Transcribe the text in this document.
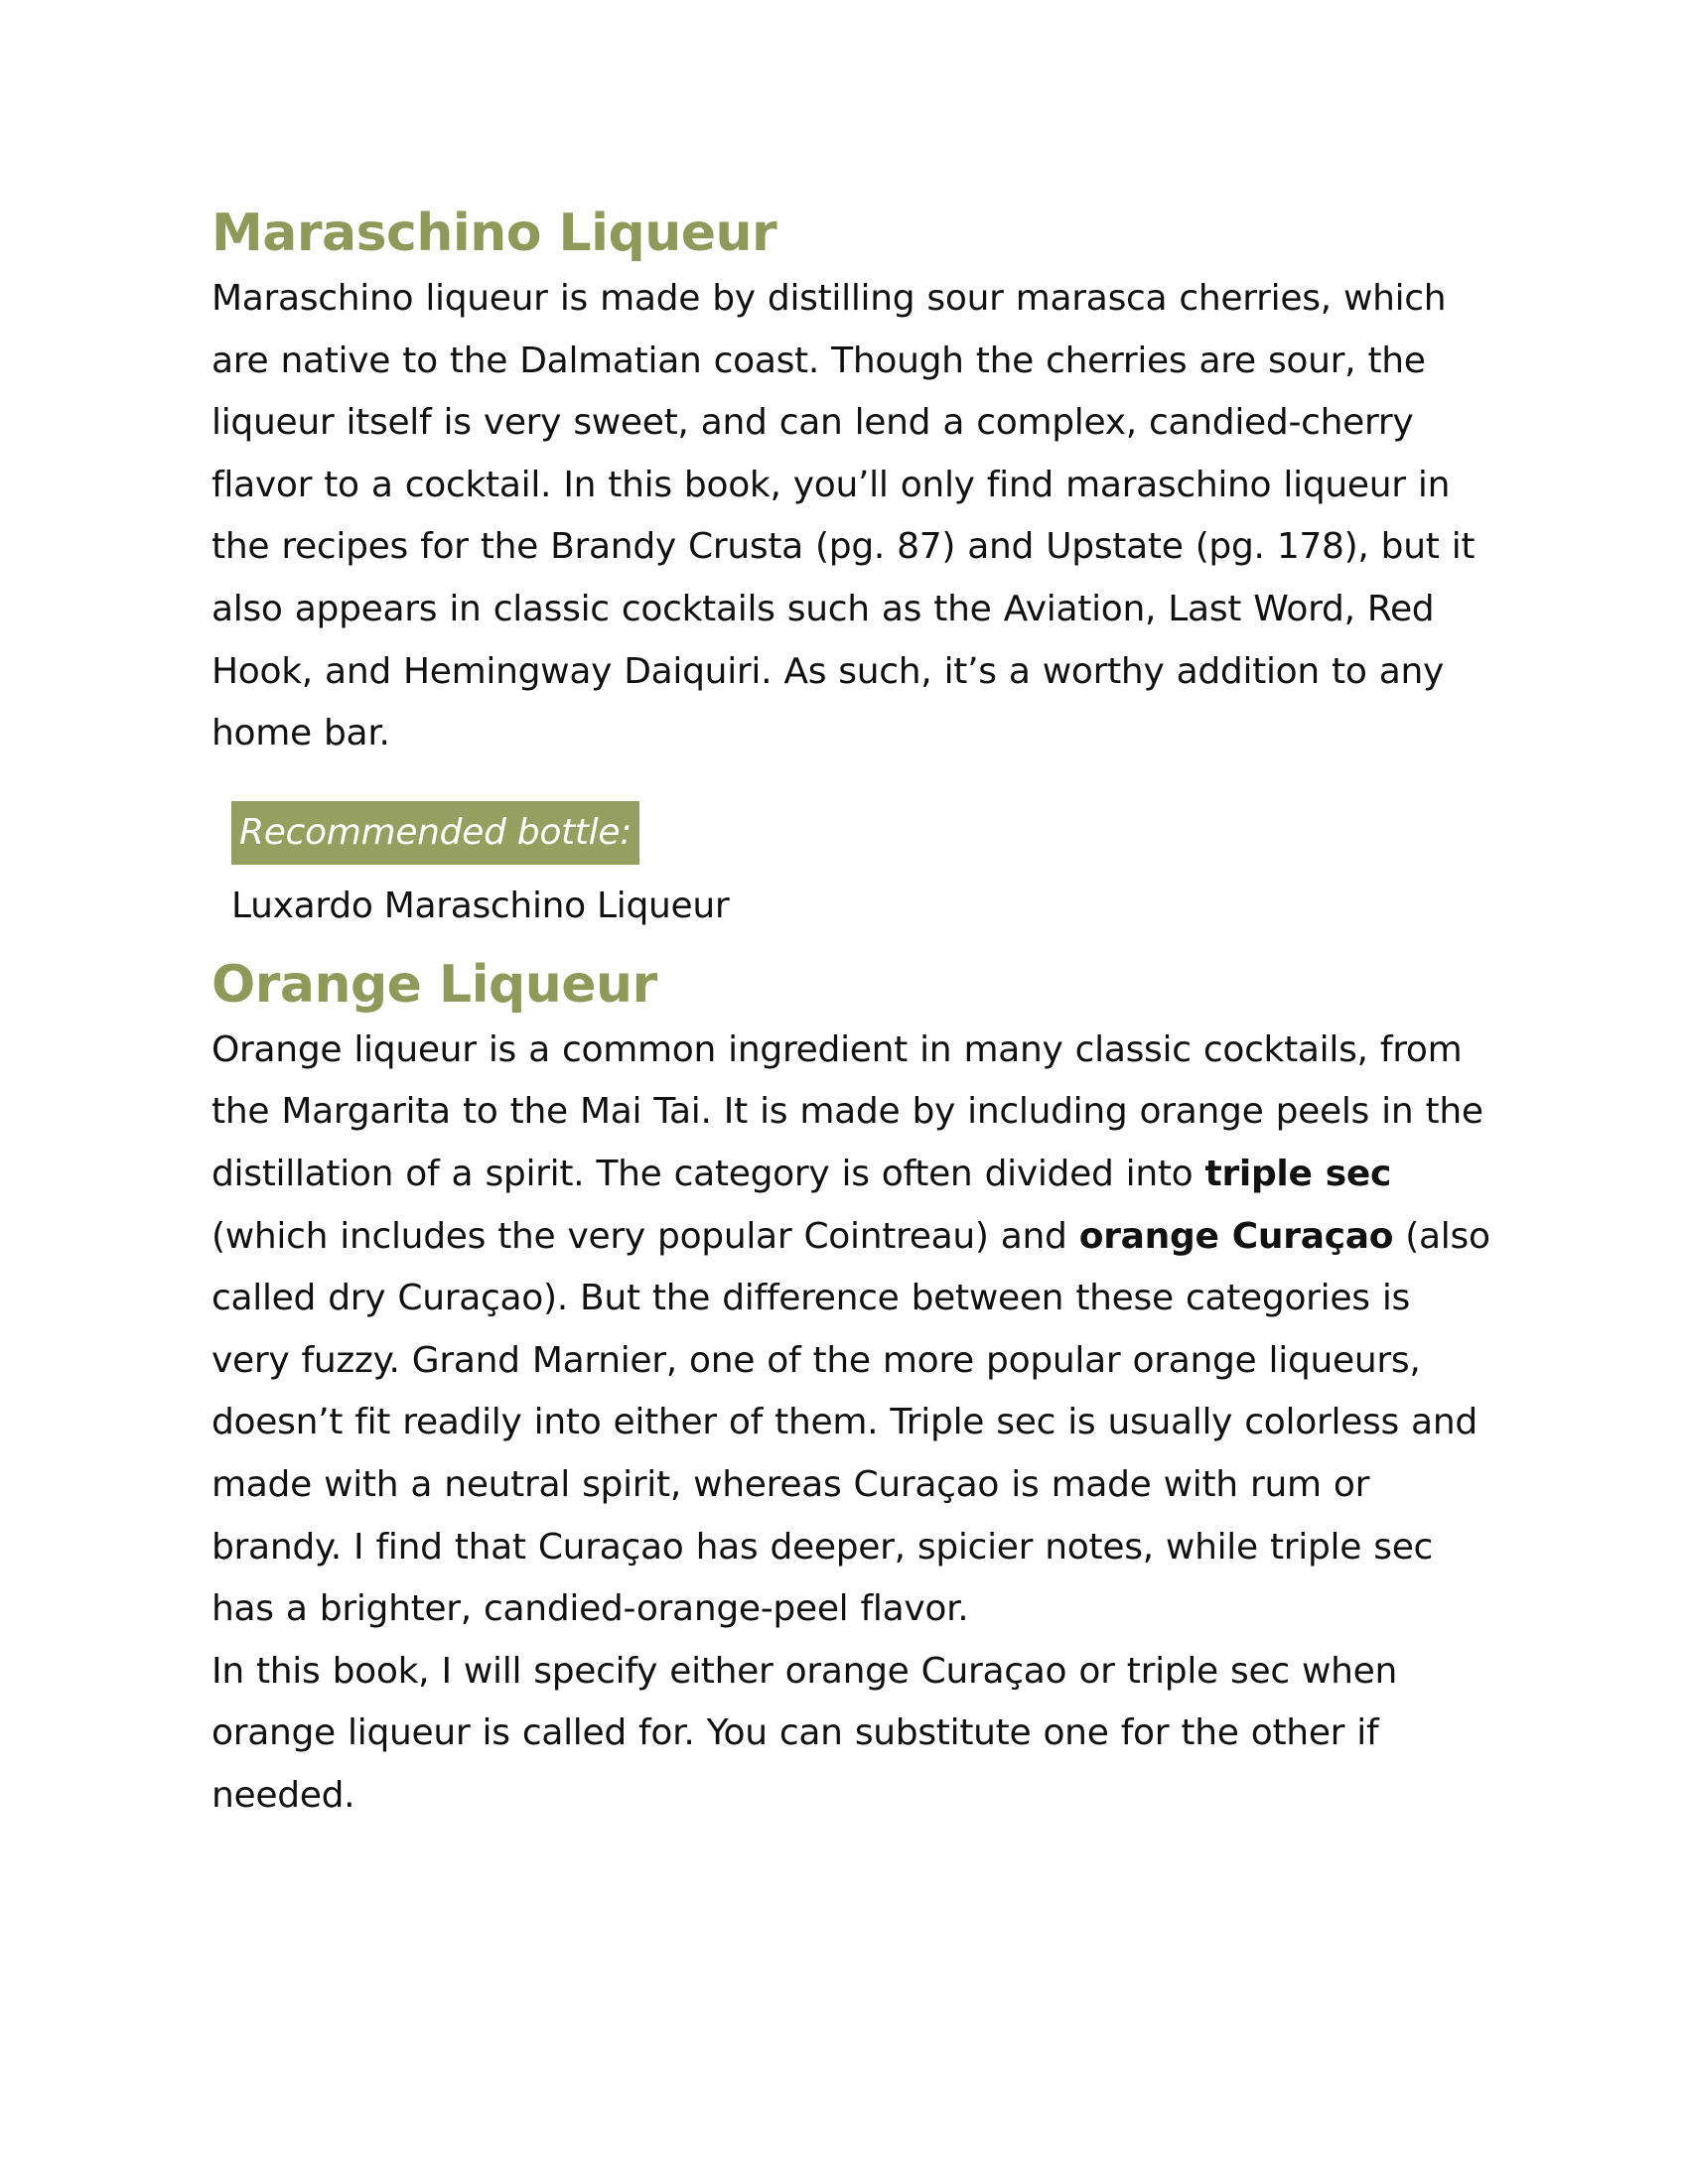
Maraschino Liqueur

Maraschino liqueur is made by distilling sour marasca cherries, which are native to the Dalmatian coast. Though the cherries are sour, the liqueur itself is very sweet, and can lend a complex, candied-cherry flavor to a cocktail. In this book, you’ll only find maraschino liqueur in the recipes for the Brandy Crusta (pg. 87) and Upstate (pg. 178), but it also appears in classic cocktails such as the Aviation, Last Word, Red Hook, and Hemingway Daiquiri. As such, it’s a worthy addition to any home bar.

Recommended bottle:
Luxardo Maraschino Liqueur
Orange Liqueur

Orange liqueur is a common ingredient in many classic cocktails, from the Margarita to the Mai Tai. It is made by including orange peels in the distillation of a spirit. The category is often divided into triple sec (which includes the very popular Cointreau) and orange Curaçao (also called dry Curaçao). But the difference between these categories is very fuzzy. Grand Marnier, one of the more popular orange liqueurs, doesn’t fit readily into either of them. Triple sec is usually colorless and made with a neutral spirit, whereas Curaçao is made with rum or brandy. I find that Curaçao has deeper, spicier notes, while triple sec has a brighter, candied-orange-peel flavor.

In this book, I will specify either orange Curaçao or triple sec when orange liqueur is called for. You can substitute one for the other if needed.
